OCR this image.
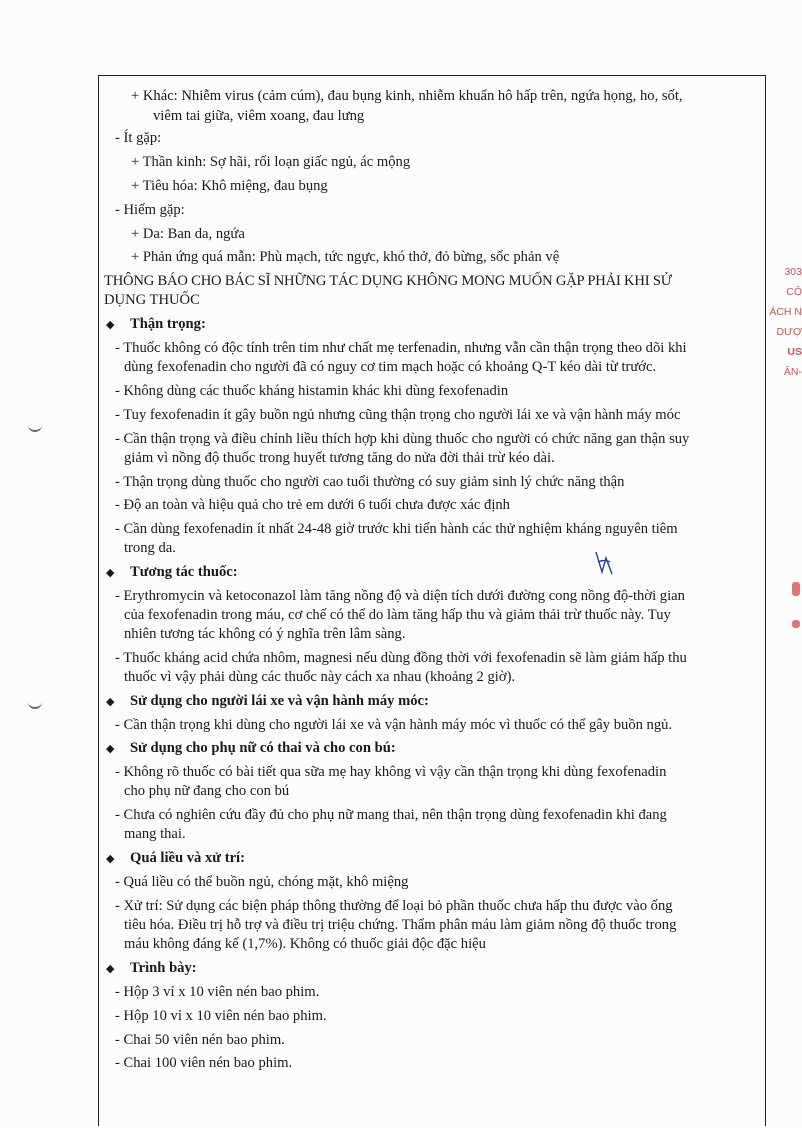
+ Khác: Nhiễm virus (cảm cúm), đau bụng kinh, nhiễm khuẩn hô hấp trên, ngứa họng, ho, sốt,
viêm tai giữa, viêm xoang, đau lưng
- Ít gặp:
+ Thần kinh: Sợ hãi, rối loạn giấc ngủ, ác mộng
+ Tiêu hóa: Khô miệng, đau bụng
- Hiếm gặp:
+ Da: Ban da, ngứa
+ Phản ứng quá mẫn: Phù mạch, tức ngực, khó thở, đỏ bừng, sốc phản vệ
THÔNG BÁO CHO BÁC SĨ NHỮNG TÁC DỤNG KHÔNG MONG MUỐN GẶP PHẢI KHI SỬ
DỤNG THUỐC
◆ Thận trọng:
- Thuốc không có độc tính trên tim như chất mẹ terfenadin, nhưng vẫn cần thận trọng theo dõi khi
dùng fexofenadin cho người đã có nguy cơ tim mạch hoặc có khoảng Q-T kéo dài từ trước.
- Không dùng các thuốc kháng histamin khác khi dùng fexofenadin
- Tuy fexofenadin ít gây buồn ngủ nhưng cũng thận trọng cho người lái xe và vận hành máy móc
- Cần thận trọng và điều chỉnh liều thích hợp khi dùng thuốc cho người có chức năng gan thận suy
giảm vì nồng độ thuốc trong huyết tương tăng do nửa đời thải trừ kéo dài.
- Thận trọng dùng thuốc cho người cao tuổi thường có suy giảm sinh lý chức năng thận
- Độ an toàn và hiệu quả cho trẻ em dưới 6 tuổi chưa được xác định
- Cần dùng fexofenadin ít nhất 24-48 giờ trước khi tiến hành các thử nghiệm kháng nguyên tiêm
trong da.
◆ Tương tác thuốc:
- Erythromycin và ketoconazol làm tăng nồng độ và diện tích dưới đường cong nồng độ-thời gian
của fexofenadin trong máu, cơ chế có thể do làm tăng hấp thu và giảm thải trừ thuốc này. Tuy
nhiên tương tác không có ý nghĩa trên lâm sàng.
- Thuốc kháng acid chứa nhôm, magnesi nếu dùng đồng thời với fexofenadin sẽ làm giảm hấp thu
thuốc vì vậy phải dùng các thuốc này cách xa nhau (khoảng 2 giờ).
◆ Sử dụng cho người lái xe và vận hành máy móc:
- Cần thận trọng khi dùng cho người lái xe và vận hành máy móc vì thuốc có thể gây buồn ngủ.
◆ Sử dụng cho phụ nữ có thai và cho con bú:
- Không rõ thuốc có bài tiết qua sữa mẹ hay không vì vậy cần thận trọng khi dùng fexofenadin
cho phụ nữ đang cho con bú
- Chưa có nghiên cứu đầy đủ cho phụ nữ mang thai, nên thận trọng dùng fexofenadin khi đang
mang thai.
◆ Quá liều và xử trí:
- Quá liều có thể buồn ngủ, chóng mặt, khô miệng
- Xử trí: Sử dụng các biện pháp thông thường để loại bỏ phần thuốc chưa hấp thu được vào ống
tiêu hóa. Điều trị hỗ trợ và điều trị triệu chứng. Thẩm phân máu làm giảm nồng độ thuốc trong
máu không đáng kể (1,7%). Không có thuốc giải độc đặc hiệu
◆ Trình bày:
- Hộp 3 vỉ x 10 viên nén bao phim.
- Hộp 10 vỉ x 10 viên nén bao phim.
- Chai 50 viên nén bao phim.
- Chai 100 viên nén bao phim.
303
CÔ
ÁCH N
DƯỢ
US
ÂN-
